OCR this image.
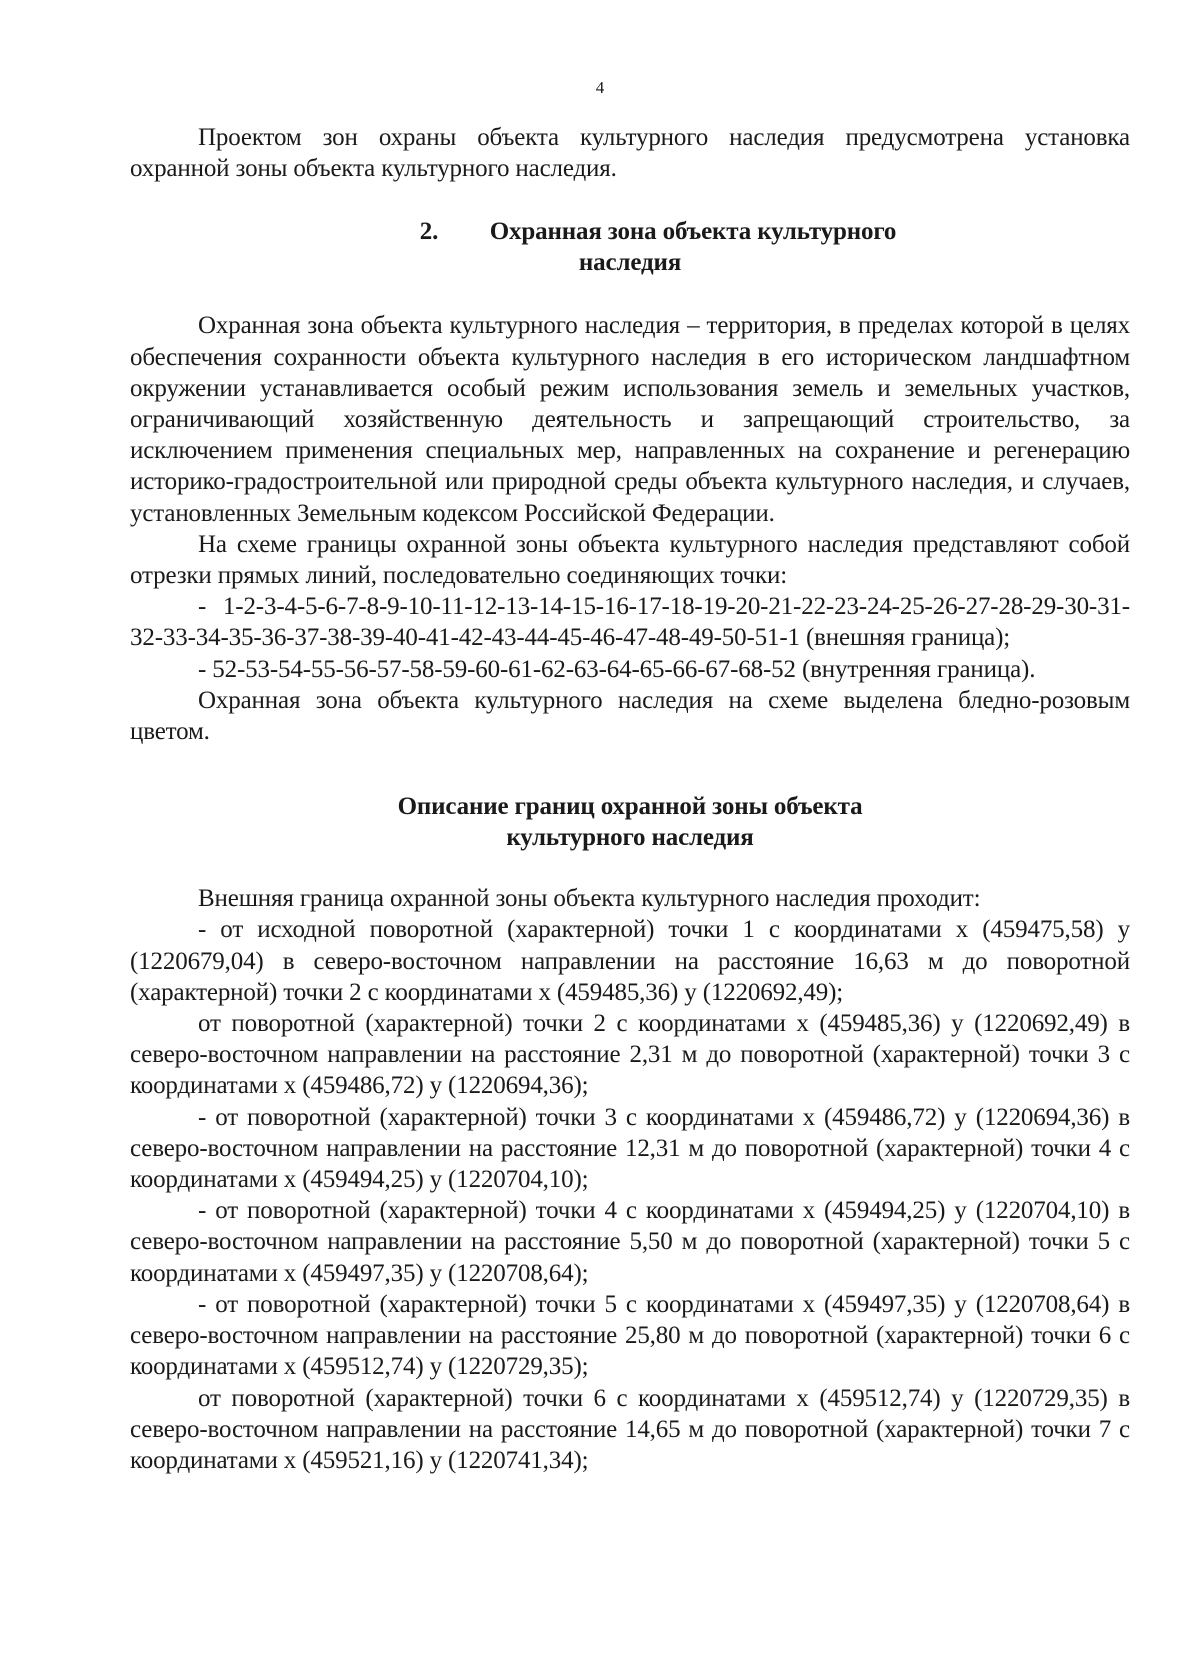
4

Проектом зон охраны объекта культурного наследия предусмотрена установка охранной зоны объекта культурного наследия.

2. Охранная зона объекта культурного
наследия

Охранная зона объекта культурного наследия – территория, в пределах которой в целях обеспечения сохранности объекта культурного наследия в его историческом ландшафтном окружении устанавливается особый режим использования земель и земельных участков, ограничивающий хозяйственную деятельность и запрещающий строительство, за исключением применения специальных мер, направленных на сохранение и регенерацию историко-градостроительной или природной среды объекта культурного наследия, и случаев, установленных Земельным кодексом Российской Федерации.

На схеме границы охранной зоны объекта культурного наследия представляют собой отрезки прямых линий, последовательно соединяющих точки:

- 1-2-3-4-5-6-7-8-9-10-11-12-13-14-15-16-17-18-19-20-21-22-23-24-25-26-27-28-29-30-31-32-33-34-35-36-37-38-39-40-41-42-43-44-45-46-47-48-49-50-51-1 (внешняя граница);

- 52-53-54-55-56-57-58-59-60-61-62-63-64-65-66-67-68-52 (внутренняя граница).

Охранная зона объекта культурного наследия на схеме выделена бледно-розовым цветом.

Описание границ охранной зоны объекта
культурного наследия

Внешняя граница охранной зоны объекта культурного наследия проходит:

- от исходной поворотной (характерной) точки 1 с координатами х (459475,58) у (1220679,04) в северо-восточном направлении на расстояние 16,63 м до поворотной (характерной) точки 2 с координатами х (459485,36) у (1220692,49);

от поворотной (характерной) точки 2 с координатами х (459485,36) у (1220692,49) в северо-восточном направлении на расстояние 2,31 м до поворотной (характерной) точки 3 с координатами х (459486,72) у (1220694,36);

- от поворотной (характерной) точки 3 с координатами х (459486,72) у (1220694,36) в северо-восточном направлении на расстояние 12,31 м до поворотной (характерной) точки 4 с координатами х (459494,25) у (1220704,10);

- от поворотной (характерной) точки 4 с координатами х (459494,25) у (1220704,10) в северо-восточном направлении на расстояние 5,50 м до поворотной (характерной) точки 5 с координатами х (459497,35) у (1220708,64);

- от поворотной (характерной) точки 5 с координатами х (459497,35) у (1220708,64) в северо-восточном направлении на расстояние 25,80 м до поворотной (характерной) точки 6 с координатами х (459512,74) у (1220729,35);

от поворотной (характерной) точки 6 с координатами х (459512,74) у (1220729,35) в северо-восточном направлении на расстояние 14,65 м до поворотной (характерной) точки 7 с координатами х (459521,16) у (1220741,34);
